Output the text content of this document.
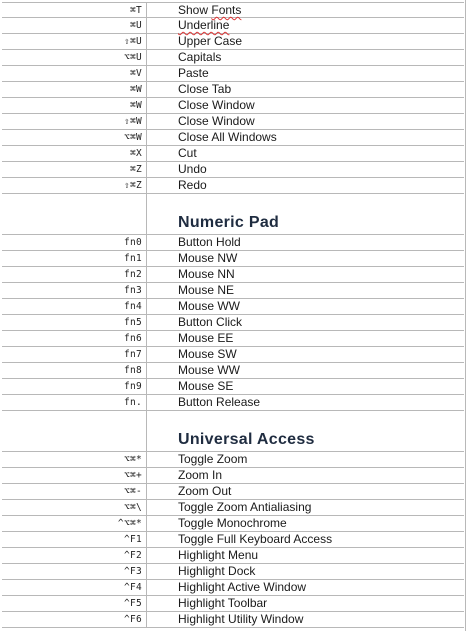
⌘T	Show Fonts
⌘U	Underline
⇧⌘U	Upper Case
⌥⌘U	Capitals
⌘V	Paste
⌘W	Close Tab
⌘W	Close Window
⇧⌘W	Close Window
⌥⌘W	Close All Windows
⌘X	Cut
⌘Z	Undo
⇧⌘Z	Redo
Numeric Pad
fn0	Button Hold
fn1	Mouse NW
fn2	Mouse NN
fn3	Mouse NE
fn4	Mouse WW
fn5	Button Click
fn6	Mouse EE
fn7	Mouse SW
fn8	Mouse WW
fn9	Mouse SE
fn.	Button Release
Universal Access
⌥⌘*	Toggle Zoom
⌥⌘+	Zoom In
⌥⌘-	Zoom Out
⌥⌘\	Toggle Zoom Antialiasing
^⌥⌘*	Toggle Monochrome
^F1	Toggle Full Keyboard Access
^F2	Highlight Menu
^F3	Highlight Dock
^F4	Highlight Active Window
^F5	Highlight Toolbar
^F6	Highlight Utility Window
